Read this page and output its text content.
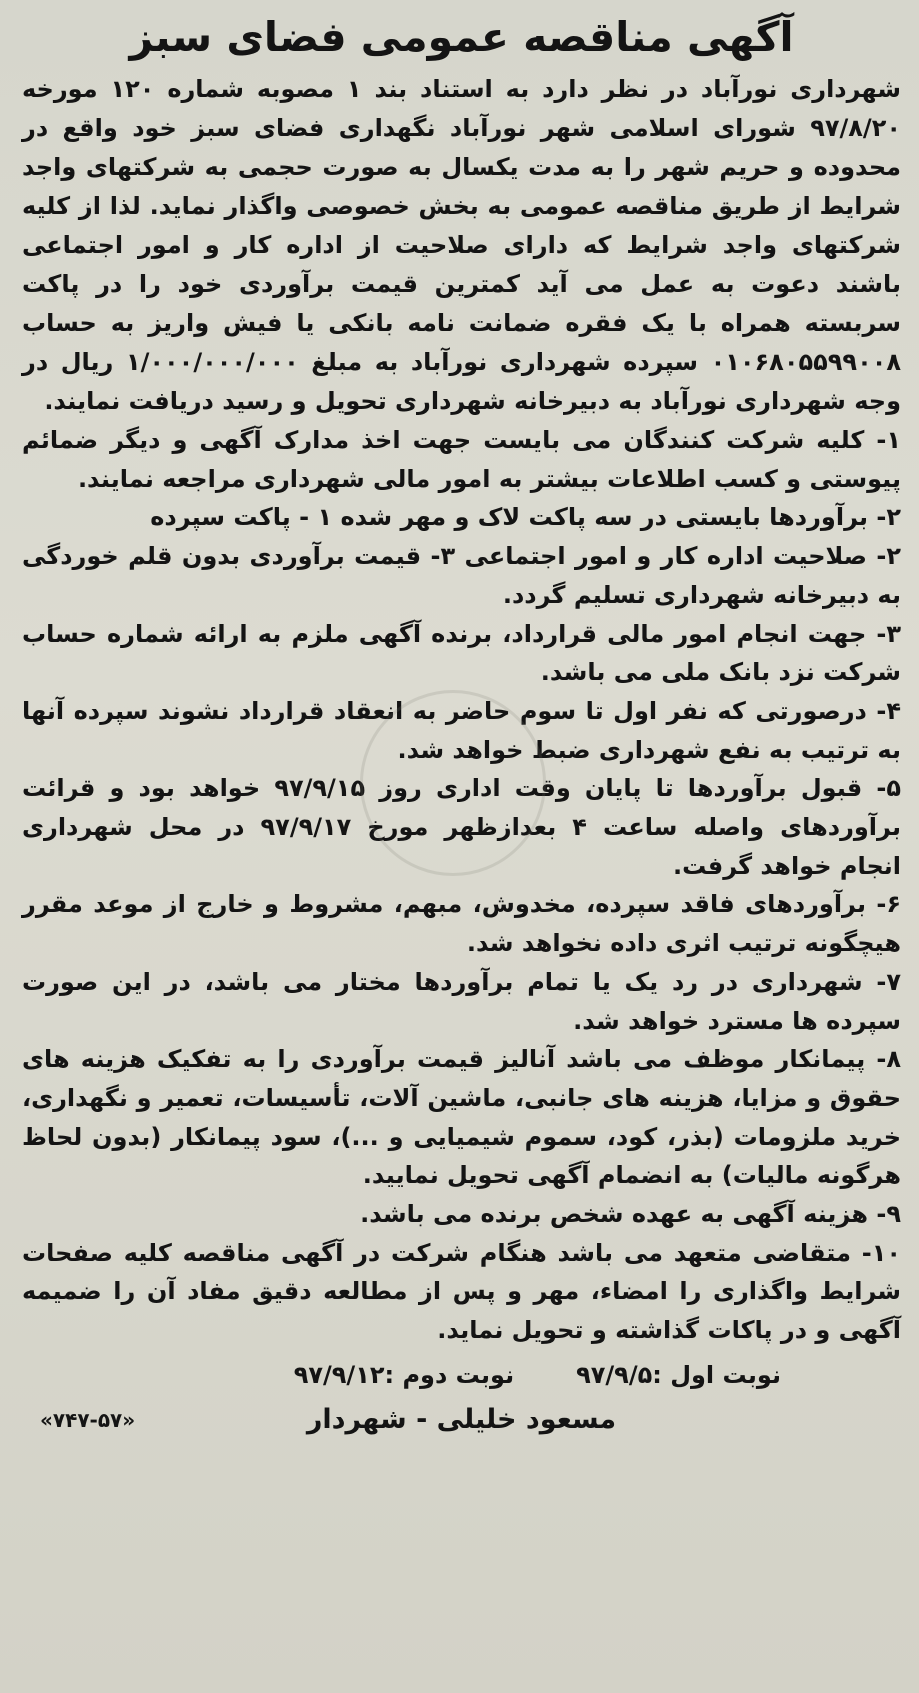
آگهی مناقصه عمومی فضای سبز

شهرداری نورآباد در نظر دارد به استناد بند ۱ مصوبه شماره ۱۲۰ مورخه ۹۷/۸/۲۰ شورای اسلامی شهر نورآباد نگهداری فضای سبز خود واقع در محدوده و حریم شهر را به مدت یکسال به صورت حجمی به شرکتهای واجد شرایط از طریق مناقصه عمومی به بخش خصوصی واگذار نماید. لذا از کلیه شرکتهای واجد شرایط که دارای صلاحیت از اداره کار و امور اجتماعی باشند دعوت به عمل می آید کمترین قیمت برآوردی خود را در پاکت سربسته همراه با یک فقره ضمانت نامه بانکی یا فیش واریز به حساب ۰۱۰۶۸۰۵۵۹۹۰۰۸ سپرده شهرداری نورآباد به مبلغ ۱/۰۰۰/۰۰۰/۰۰۰ ریال در وجه شهرداری نورآباد به دبیرخانه شهرداری تحویل و رسید دریافت نمایند.

۱- کلیه شرکت کنندگان می بایست جهت اخذ مدارک آگهی و دیگر ضمائم پیوستی و کسب اطلاعات بیشتر به امور مالی شهرداری مراجعه نمایند.

۲- برآوردها بایستی در سه پاکت لاک و مهر شده ۱ - پاکت سپرده

۲- صلاحیت اداره کار و امور اجتماعی ۳- قیمت برآوردی بدون قلم خوردگی به دبیرخانه شهرداری تسلیم گردد.

۳- جهت انجام امور مالی قرارداد، برنده آگهی ملزم به ارائه شماره حساب شرکت نزد بانک ملی می باشد.

۴- درصورتی که نفر اول تا سوم حاضر به انعقاد قرارداد نشوند سپرده آنها به ترتیب به نفع شهرداری ضبط خواهد شد.

۵- قبول برآوردها تا پایان وقت اداری روز ۹۷/۹/۱۵ خواهد بود و قرائت برآوردهای واصله ساعت ۴ بعدازظهر مورخ ۹۷/۹/۱۷ در محل شهرداری انجام خواهد گرفت.

۶- برآوردهای فاقد سپرده، مخدوش، مبهم، مشروط و خارج از موعد مقرر هیچگونه ترتیب اثری داده نخواهد شد.

۷- شهرداری در رد یک یا تمام برآوردها مختار می باشد، در این صورت سپرده ها مسترد خواهد شد.

۸- پیمانکار موظف می باشد آنالیز قیمت برآوردی را به تفکیک هزینه های حقوق و مزایا، هزینه های جانبی، ماشین آلات، تأسیسات، تعمیر و نگهداری، خرید ملزومات (بذر، کود، سموم شیمیایی و ...)، سود پیمانکار (بدون لحاظ هرگونه مالیات) به انضمام آگهی تحویل نمایید.

۹- هزینه آگهی به عهده شخص برنده می باشد.

۱۰- متقاضی متعهد می باشد هنگام شرکت در آگهی مناقصه کلیه صفحات شرایط واگذاری را امضاء، مهر و پس از مطالعه دقیق مفاد آن را ضمیمه آگهی و در پاکات گذاشته و تحویل نماید.

نوبت اول :۹۷/۹/۵
نوبت دوم :۹۷/۹/۱۲
مسعود خلیلی - شهردار
«۷۴۷-۵۷»
